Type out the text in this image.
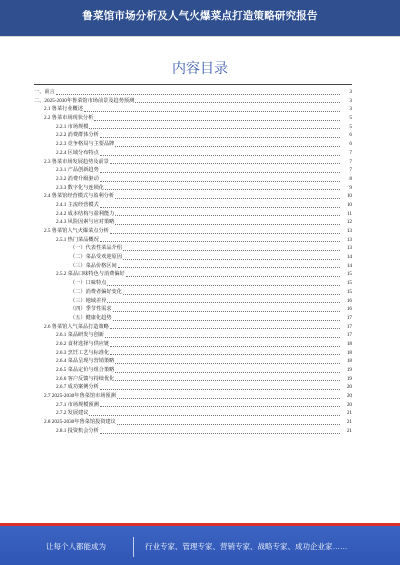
鲁菜馆市场分析及人气火爆菜点打造策略研究报告
内容目录
一、前言	3
二、2025-2030年鲁菜馆市场前景及趋势预测	3
2.1 鲁菜行业概述	3
2.2 鲁菜市场现状分析	5
2.2.1 市场规模	5
2.2.2 消费群体分析	6
2.2.3 竞争格局与主要品牌	6
2.2.4 区域分布特点	7
2.3 鲁菜市场发展趋势及前景	7
2.3.1 产品创新趋势	7
2.3.2 消费升级驱动	8
2.3.3 数字化与连锁化	9
2.4 鲁菜馆经营模式与盈利分析	10
2.4.1 主流经营模式	10
2.4.2 成本结构与盈利能力	11
2.4.3 风险因素与应对策略	12
2.5 鲁菜馆人气火爆菜点分析	13
2.5.1 热门菜品概况	13
（一）代表性菜品介绍	13
（二）菜品受欢迎原因	14
（三）菜品价格区间	14
2.5.2 菜品口味特色与消费偏好	15
（一）口味特点	15
（二）消费者偏好变化	15
（三）地域差异	16
（四）季节性需求	16
（五）健康化趋势	17
2.6 鲁菜馆人气菜品打造策略	17
2.6.1 菜品研发与创新	17
2.6.2 食材选择与供应链	18
2.6.3 烹饪工艺与标准化	18
2.6.4 菜品呈现与营销策略	18
2.6.5 菜品定价与组合策略	19
2.6.6 客户反馈与持续优化	19
2.6.7 成功案例分析	20
2.7 2025-2030年鲁菜馆市场预测	20
2.7.1 市场规模预测	20
2.7.2 发展建议	21
2.8 2025-2030年鲁菜馆投资建议	21
2.8.1 投资机会分析	21
让每个人都能成为	行业专家、管理专家、营销专家、战略专家、成功企业家……
